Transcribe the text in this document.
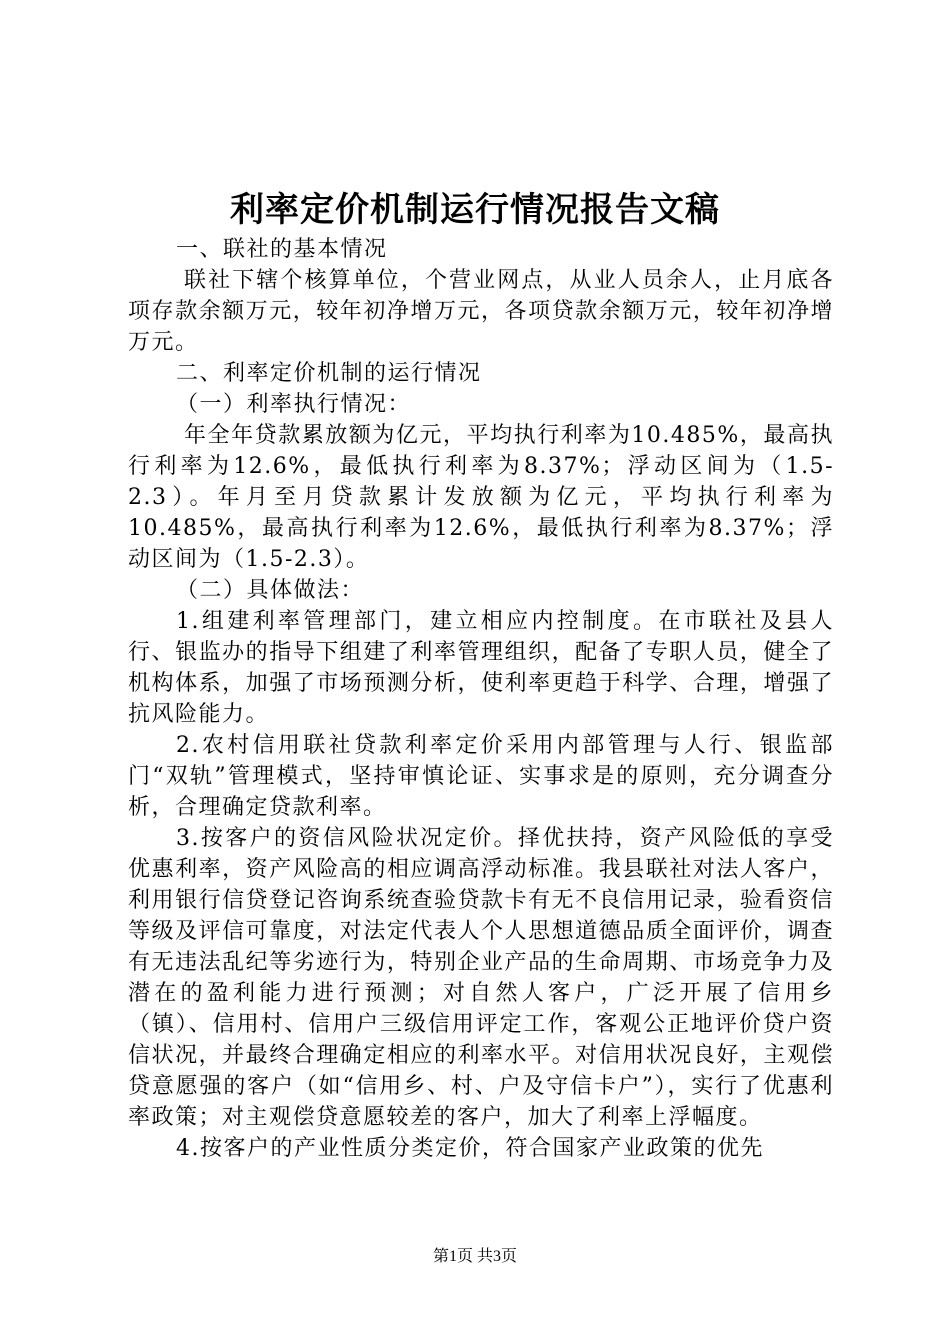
利率定价机制运行情况报告文稿

一、联社的基本情况

联社下辖个核算单位，个营业网点，从业人员余人，止月底各项存款余额万元，较年初净增万元，各项贷款余额万元，较年初净增万元。

二、利率定价机制的运行情况

（一）利率执行情况：

年全年贷款累放额为亿元，平均执行利率为10.485%，最高执行利率为12.6%，最低执行利率为8.37%；浮动区间为（1.5-2.3）。年月至月贷款累计发放额为亿元，平均执行利率为10.485%，最高执行利率为12.6%，最低执行利率为8.37%；浮动区间为（1.5-2.3）。

（二）具体做法：

1.组建利率管理部门，建立相应内控制度。在市联社及县人行、银监办的指导下组建了利率管理组织，配备了专职人员，健全了机构体系，加强了市场预测分析，使利率更趋于科学、合理，增强了抗风险能力。

2.农村信用联社贷款利率定价采用内部管理与人行、银监部门“双轨”管理模式，坚持审慎论证、实事求是的原则，充分调查分析，合理确定贷款利率。

3.按客户的资信风险状况定价。择优扶持，资产风险低的享受优惠利率，资产风险高的相应调高浮动标准。我县联社对法人客户，利用银行信贷登记咨询系统查验贷款卡有无不良信用记录，验看资信等级及评信可靠度，对法定代表人个人思想道德品质全面评价，调查有无违法乱纪等劣迹行为，特别企业产品的生命周期、市场竞争力及潜在的盈利能力进行预测；对自然人客户，广泛开展了信用乡（镇）、信用村、信用户三级信用评定工作，客观公正地评价贷户资信状况，并最终合理确定相应的利率水平。对信用状况良好，主观偿贷意愿强的客户（如“信用乡、村、户及守信卡户”），实行了优惠利率政策；对主观偿贷意愿较差的客户，加大了利率上浮幅度。

4.按客户的产业性质分类定价，符合国家产业政策的优先

第1页 共3页
